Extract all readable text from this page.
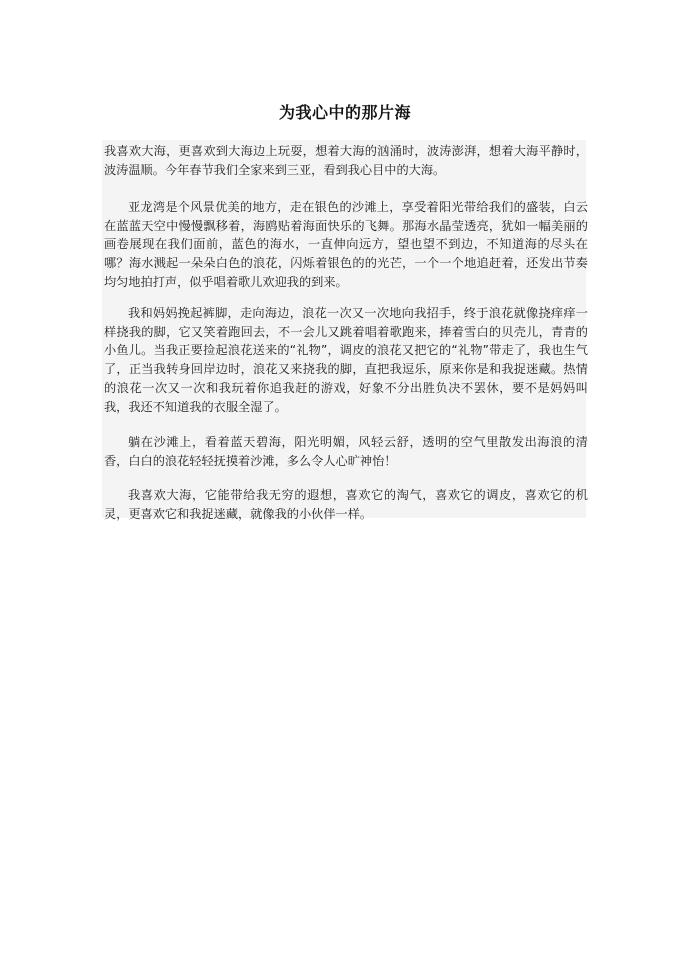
为我心中的那片海

我喜欢大海，更喜欢到大海边上玩耍，想着大海的汹涌时，波涛澎湃，想着大海平静时，波涛温顺。今年春节我们全家来到三亚，看到我心目中的大海。

亚龙湾是个风景优美的地方，走在银色的沙滩上，享受着阳光带给我们的盛装，白云在蓝蓝天空中慢慢飘移着，海鸥贴着海面快乐的飞舞。那海水晶莹透亮，犹如一幅美丽的画卷展现在我们面前，蓝色的海水，一直伸向远方，望也望不到边，不知道海的尽头在哪？海水溅起一朵朵白色的浪花，闪烁着银色的的光芒，一个一个地追赶着，还发出节奏均匀地拍打声，似乎唱着歌儿欢迎我的到来。

我和妈妈挽起裤脚，走向海边，浪花一次又一次地向我招手，终于浪花就像挠痒痒一样挠我的脚，它又笑着跑回去，不一会儿又跳着唱着歌跑来，捧着雪白的贝壳儿，青青的小鱼儿。当我正要捡起浪花送来的“礼物”，调皮的浪花又把它的“礼物”带走了，我也生气了，正当我转身回岸边时，浪花又来挠我的脚，直把我逗乐，原来你是和我捉迷藏。热情的浪花一次又一次和我玩着你追我赶的游戏，好象不分出胜负决不罢休，要不是妈妈叫我，我还不知道我的衣服全湿了。

躺在沙滩上，看着蓝天碧海，阳光明媚，风轻云舒，透明的空气里散发出海浪的清香，白白的浪花轻轻抚摸着沙滩，多么令人心旷神怡！

我喜欢大海，它能带给我无穷的遐想，喜欢它的淘气，喜欢它的调皮，喜欢它的机灵，更喜欢它和我捉迷藏，就像我的小伙伴一样。
